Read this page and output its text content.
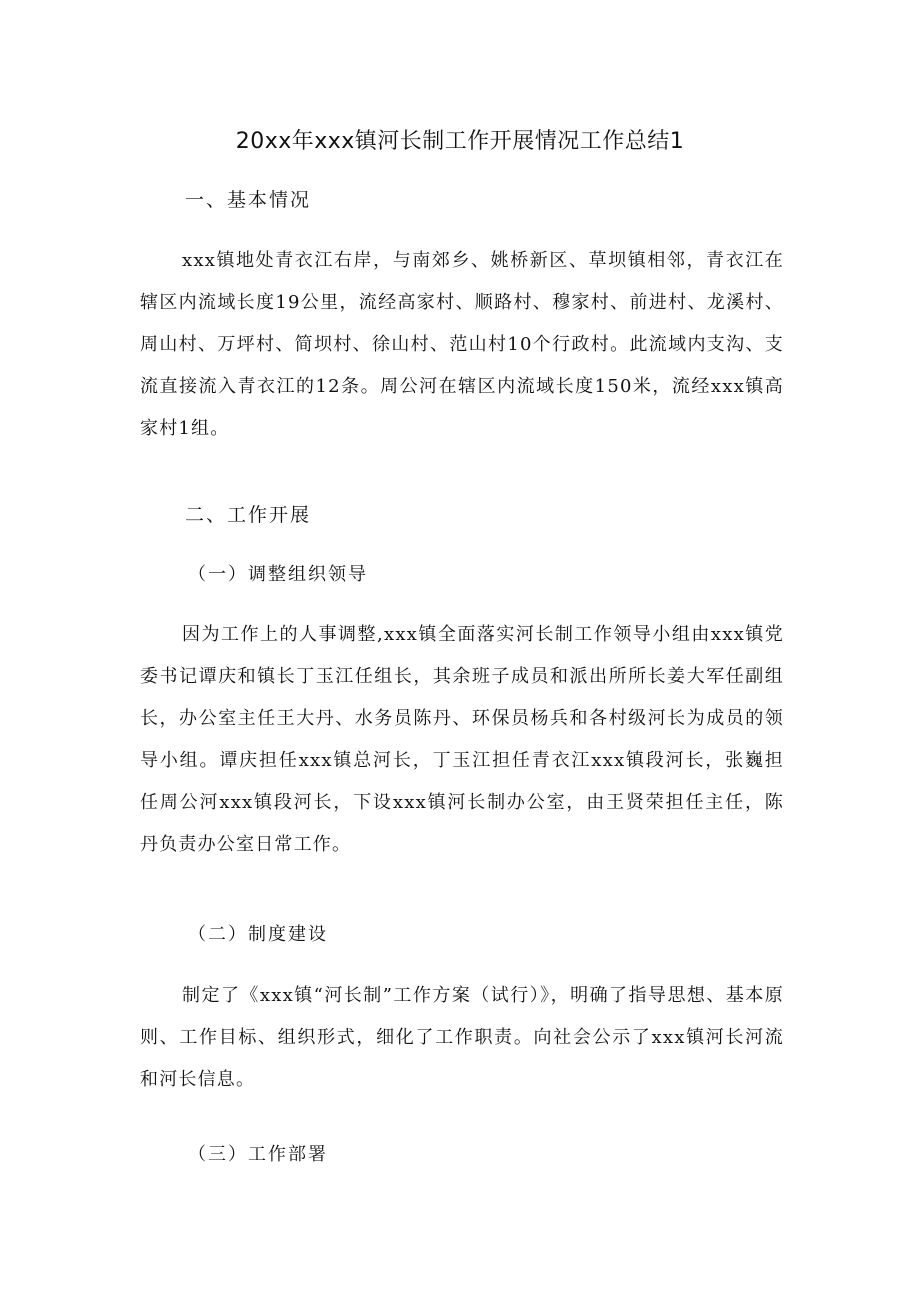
20xx年xxx镇河长制工作开展情况工作总结1
一、基本情况

xxx镇地处青衣江右岸，与南郊乡、姚桥新区、草坝镇相邻，青衣江在辖区内流域长度19公里，流经高家村、顺路村、穆家村、前进村、龙溪村、周山村、万坪村、简坝村、徐山村、范山村10个行政村。此流域内支沟、支流直接流入青衣江的12条。周公河在辖区内流域长度150米，流经xxx镇高家村1组。

二、工作开展
（一）调整组织领导

因为工作上的人事调整,xxx镇全面落实河长制工作领导小组由xxx镇党委书记谭庆和镇长丁玉江任组长，其余班子成员和派出所所长姜大军任副组长，办公室主任王大丹、水务员陈丹、环保员杨兵和各村级河长为成员的领导小组。谭庆担任xxx镇总河长，丁玉江担任青衣江xxx镇段河长，张巍担任周公河xxx镇段河长，下设xxx镇河长制办公室，由王贤荣担任主任，陈丹负责办公室日常工作。

（二）制度建设

制定了《xxx镇“河长制”工作方案（试行）》，明确了指导思想、基本原则、工作目标、组织形式，细化了工作职责。向社会公示了xxx镇河长河流和河长信息。

（三）工作部署
